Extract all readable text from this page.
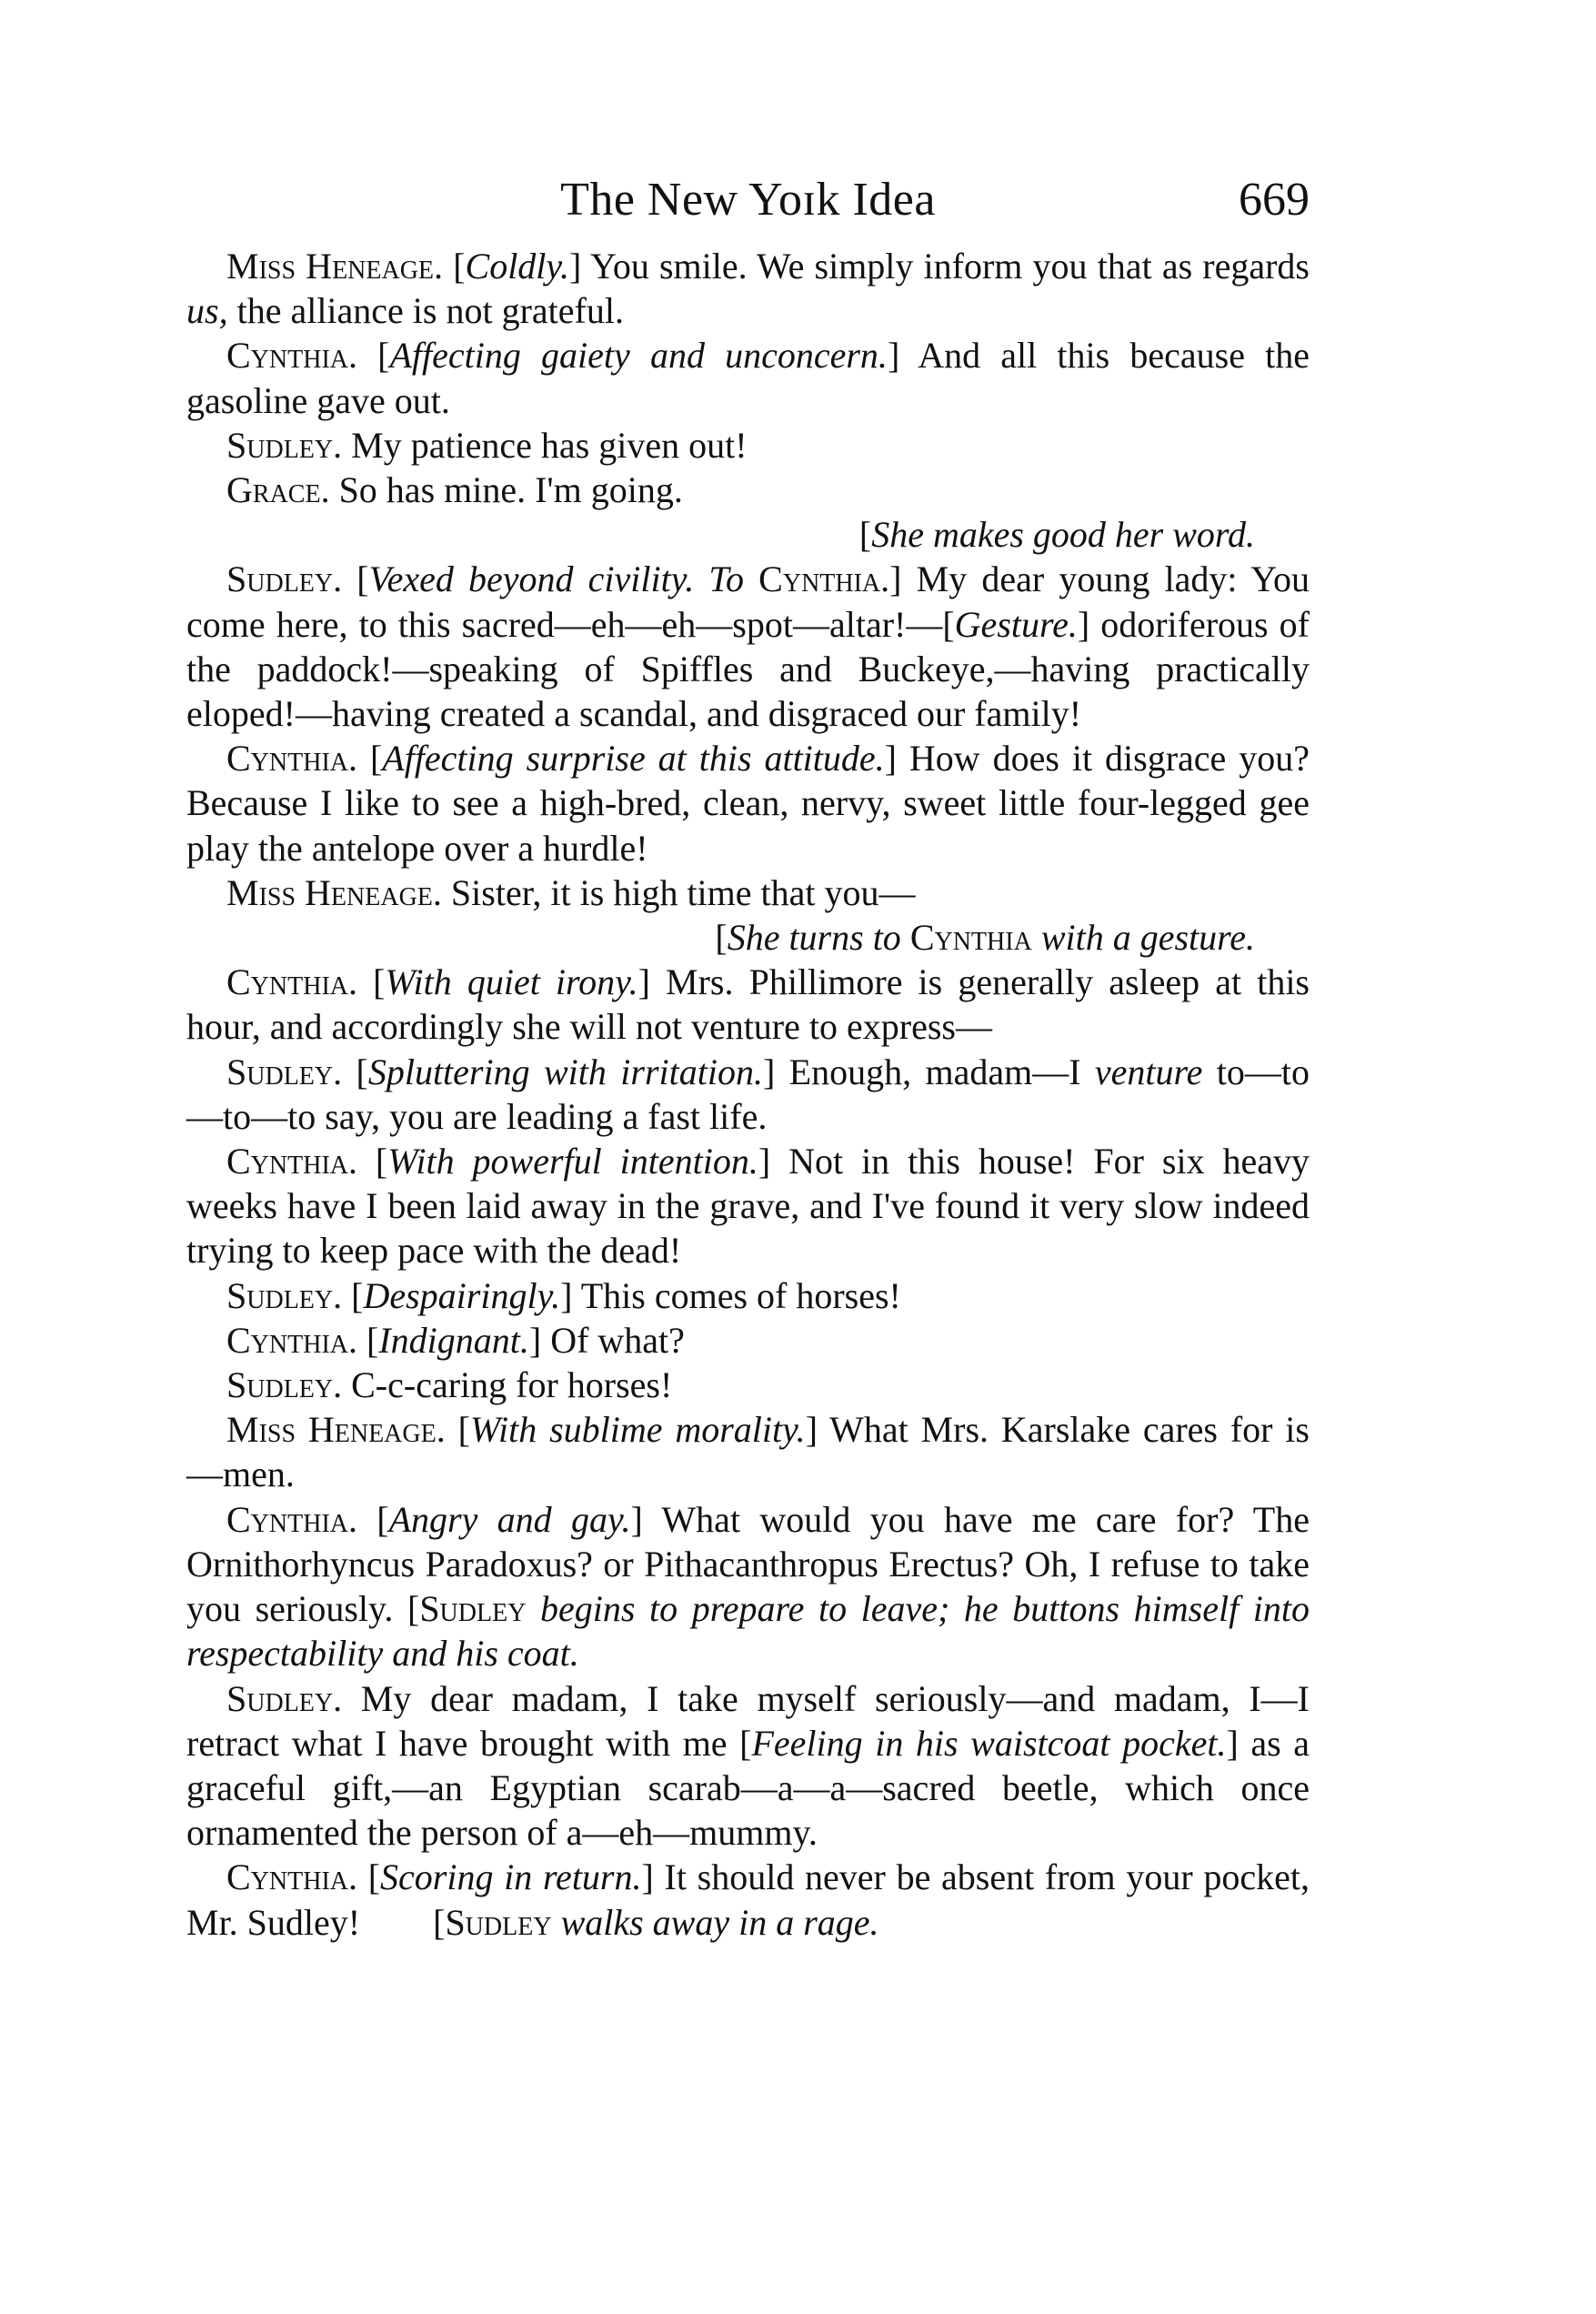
The New Yoɪk Idea	669

Miss Heneage. [Coldly.] You smile. We simply inform you that as regards us, the alliance is not grateful.

Cynthia. [Affecting gaiety and unconcern.] And all this because the gasoline gave out.

Sudley. My patience has given out!

Grace. So has mine. I'm going.

[She makes good her word.

Sudley. [Vexed beyond civility. To Cynthia.] My dear young lady: You come here, to this sacred—eh—eh—spot—altar!—[Gesture.] odoriferous of the paddock!—speaking of Spiffles and Buckeye,—having practically eloped!—having created a scandal, and disgraced our family!

Cynthia. [Affecting surprise at this attitude.] How does it disgrace you? Because I like to see a high-bred, clean, nervy, sweet little four-legged gee play the antelope over a hurdle!

Miss Heneage. Sister, it is high time that you—

[She turns to Cynthia with a gesture.

Cynthia. [With quiet irony.] Mrs. Phillimore is generally asleep at this hour, and accordingly she will not venture to express—

Sudley. [Spluttering with irritation.] Enough, madam—I venture to—to—to—to say, you are leading a fast life.

Cynthia. [With powerful intention.] Not in this house! For six heavy weeks have I been laid away in the grave, and I've found it very slow indeed trying to keep pace with the dead!

Sudley. [Despairingly.] This comes of horses!

Cynthia. [Indignant.] Of what?

Sudley. C-c-caring for horses!

Miss Heneage. [With sublime morality.] What Mrs. Karslake cares for is—men.

Cynthia. [Angry and gay.] What would you have me care for? The Ornithorhyncus Paradoxus? or Pithacanthropus Erectus? Oh, I refuse to take you seriously. [Sudley begins to prepare to leave; he buttons himself into respectability and his coat.

Sudley. My dear madam, I take myself seriously—and madam, I—I retract what I have brought with me [Feeling in his waistcoat pocket.] as a graceful gift,—an Egyptian scarab—a—a—sacred beetle, which once ornamented the person of a—eh—mummy.

Cynthia. [Scoring in return.] It should never be absent from your pocket, Mr. Sudley!  [Sudley walks away in a rage.
